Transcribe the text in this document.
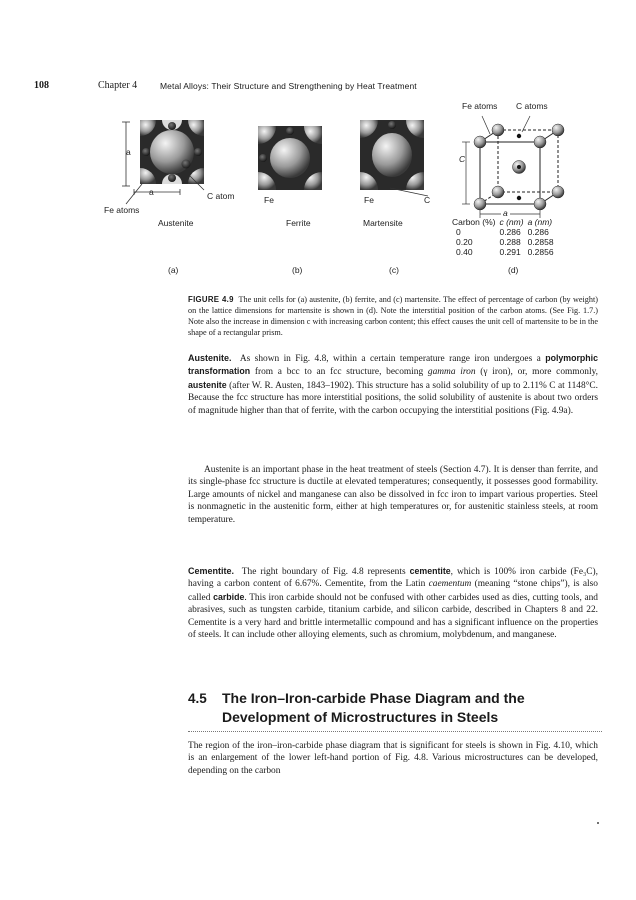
108	Chapter 4	Metal Alloys: Their Structure and Strengthening by Heat Treatment
a
a	C atom
Fe atoms
Austenite
(a)
Fe
Ferrite
(b)
Fe	C
Martensite
(c)
Fe atoms C atoms
C
a
Carbon (%)	c (nm)	a (nm)
0	0.286	0.286
0.20	0.288	0.2858
0.40	0.291	0.2856
(d)
FIGURE 4.9 The unit cells for (a) austenite, (b) ferrite, and (c) martensite. The effect of percentage of carbon (by weight) on the lattice dimensions for martensite is shown in (d). Note the interstitial position of the carbon atoms. (See Fig. 1.7.) Note also the increase in dimension c with increasing carbon content; this effect causes the unit cell of martensite to be in the shape of a rectangular prism.
Austenite. As shown in Fig. 4.8, within a certain temperature range iron undergoes a polymorphic transformation from a bcc to an fcc structure, becoming gamma iron (γ iron), or, more commonly, austenite (after W. R. Austen, 1843–1902). This structure has a solid solubility of up to 2.11% C at 1148°C. Because the fcc structure has more interstitial positions, the solid solubility of austenite is about two orders of magnitude higher than that of ferrite, with the carbon occupying the interstitial positions (Fig. 4.9a).
Austenite is an important phase in the heat treatment of steels (Section 4.7). It is denser than ferrite, and its single-phase fcc structure is ductile at elevated temperatures; consequently, it possesses good formability. Large amounts of nickel and manganese can also be dissolved in fcc iron to impart various properties. Steel is nonmagnetic in the austenitic form, either at high temperatures or, for austenitic stainless steels, at room temperature.
Cementite. The right boundary of Fig. 4.8 represents cementite, which is 100% iron carbide (Fe₃C), having a carbon content of 6.67%. Cementite, from the Latin caementum (meaning “stone chips”), is also called carbide. This iron carbide should not be confused with other carbides used as dies, cutting tools, and abrasives, such as tungsten carbide, titanium carbide, and silicon carbide, described in Chapters 8 and 22. Cementite is a very hard and brittle intermetallic compound and has a significant influence on the properties of steels. It can include other alloying elements, such as chromium, molybdenum, and manganese.
4.5 The Iron–Iron-carbide Phase Diagram and the Development of Microstructures in Steels
The region of the iron–iron-carbide phase diagram that is significant for steels is shown in Fig. 4.10, which is an enlargement of the lower left-hand portion of Fig. 4.8. Various microstructures can be developed, depending on the carbon
